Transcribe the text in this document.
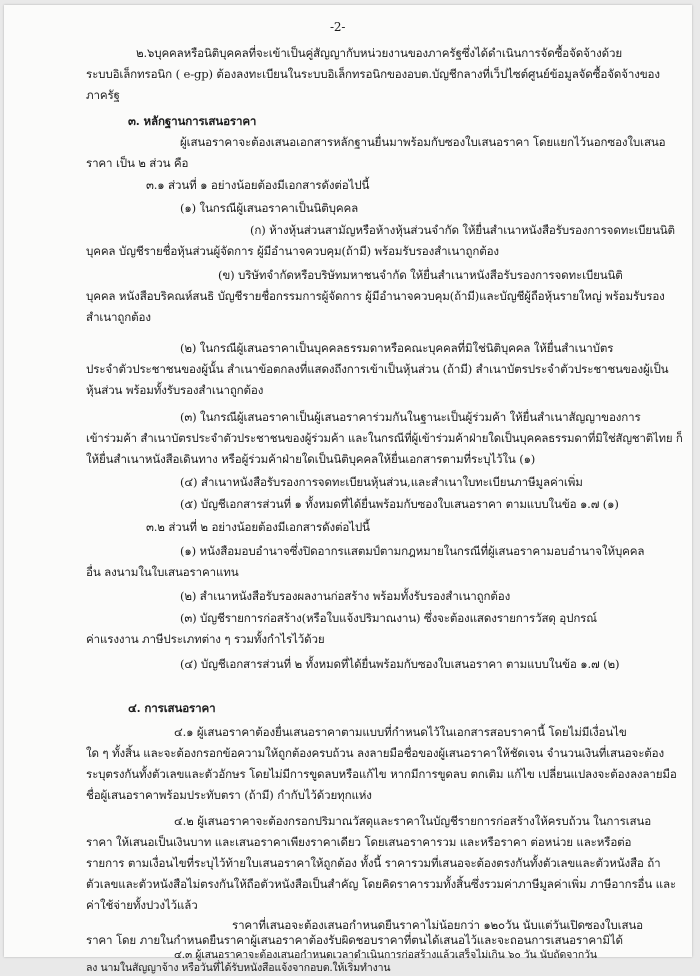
-2-
๒.๖บุคคลหรือนิติบุคคลที่จะเข้าเป็นคู่สัญญากับหน่วยงานของภาครัฐซึ่งได้ดำเนินการจัดซื้อจัดจ้างด้วย
ระบบอิเล็กทรอนิก ( e-gp) ต้องลงทะเบียนในระบบอิเล็กทรอนิกของอบต.บัญชีกลางที่เว็ปไซต์ศูนย์ข้อมูลจัดซื้อจัดจ้างของ
ภาครัฐ
๓. หลักฐานการเสนอราคา
ผู้เสนอราคาจะต้องเสนอเอกสารหลักฐานยื่นมาพร้อมกับซองใบเสนอราคา โดยแยกไว้นอกซองใบเสนอ
ราคา เป็น ๒ ส่วน คือ
๓.๑ ส่วนที่ ๑ อย่างน้อยต้องมีเอกสารดังต่อไปนี้
(๑) ในกรณีผู้เสนอราคาเป็นนิติบุคคล
(ก) ห้างหุ้นส่วนสามัญหรือห้างหุ้นส่วนจำกัด ให้ยื่นสำเนาหนังสือรับรองการจดทะเบียนนิติ
บุคคล บัญชีรายชื่อหุ้นส่วนผู้จัดการ ผู้มีอำนาจควบคุม(ถ้ามี) พร้อมรับรองสำเนาถูกต้อง
(ข) บริษัทจำกัดหรือบริษัทมหาชนจำกัด ให้ยื่นสำเนาหนังสือรับรองการจดทะเบียนนิติ
บุคคล หนังสือบริคณห์สนธิ บัญชีรายชื่อกรรมการผู้จัดการ ผู้มีอำนาจควบคุม(ถ้ามี)และบัญชีผู้ถือหุ้นรายใหญ่ พร้อมรับรอง
สำเนาถูกต้อง
(๒) ในกรณีผู้เสนอราคาเป็นบุคคลธรรมดาหรือคณะบุคคลที่มิใช่นิติบุคคล ให้ยื่นสำเนาบัตร
ประจำตัวประชาชนของผู้นั้น สำเนาข้อตกลงที่แสดงถึงการเข้าเป็นหุ้นส่วน (ถ้ามี) สำเนาบัตรประจำตัวประชาชนของผู้เป็น
หุ้นส่วน พร้อมทั้งรับรองสำเนาถูกต้อง
(๓) ในกรณีผู้เสนอราคาเป็นผู้เสนอราคาร่วมกันในฐานะเป็นผู้ร่วมค้า ให้ยื่นสำเนาสัญญาของการ
เข้าร่วมค้า สำเนาบัตรประจำตัวประชาชนของผู้ร่วมค้า และในกรณีที่ผู้เข้าร่วมค้าฝ่ายใดเป็นบุคคลธรรมดาที่มิใช่สัญชาติไทย ก็
ให้ยื่นสำเนาหนังสือเดินทาง หรือผู้ร่วมค้าฝ่ายใดเป็นนิติบุคคลให้ยื่นเอกสารตามที่ระบุไว้ใน (๑)
(๔) สำเนาหนังสือรับรองการจดทะเบียนหุ้นส่วน,และสำเนาใบทะเบียนภาษีมูลค่าเพิ่ม
(๕) บัญชีเอกสารส่วนที่ ๑ ทั้งหมดที่ได้ยื่นพร้อมกับซองใบเสนอราคา ตามแบบในข้อ ๑.๗ (๑)
๓.๒ ส่วนที่ ๒ อย่างน้อยต้องมีเอกสารดังต่อไปนี้
(๑) หนังสือมอบอำนาจซึ่งปิดอากรแสตมป์ตามกฎหมายในกรณีที่ผู้เสนอราคามอบอำนาจให้บุคคล
อื่น ลงนามในใบเสนอราคาแทน
(๒) สำเนาหนังสือรับรองผลงานก่อสร้าง พร้อมทั้งรับรองสำเนาถูกต้อง
(๓) บัญชีรายการก่อสร้าง(หรือใบแจ้งปริมาณงาน) ซึ่งจะต้องแสดงรายการวัสดุ อุปกรณ์
ค่าแรงงาน ภาษีประเภทต่าง ๆ รวมทั้งกำไรไว้ด้วย
(๔) บัญชีเอกสารส่วนที่ ๒ ทั้งหมดที่ได้ยื่นพร้อมกับซองใบเสนอราคา ตามแบบในข้อ ๑.๗ (๒)
๔. การเสนอราคา
๔.๑ ผู้เสนอราคาต้องยื่นเสนอราคาตามแบบที่กำหนดไว้ในเอกสารสอบราคานี้ โดยไม่มีเงื่อนไข
ใด ๆ ทั้งสิ้น และจะต้องกรอกข้อความให้ถูกต้องครบถ้วน ลงลายมือชื่อของผู้เสนอราคาให้ชัดเจน จำนวนเงินที่เสนอจะต้อง
ระบุตรงกันทั้งตัวเลขและตัวอักษร โดยไม่มีการขูดลบหรือแก้ไข หากมีการขูดลบ ตกเติม แก้ไข เปลี่ยนแปลงจะต้องลงลายมือ
ชื่อผู้เสนอราคาพร้อมประทับตรา (ถ้ามี) กำกับไว้ด้วยทุกแห่ง
๔.๒ ผู้เสนอราคาจะต้องกรอกปริมาณวัสดุและราคาในบัญชีรายการก่อสร้างให้ครบถ้วน ในการเสนอ
ราคา ให้เสนอเป็นเงินบาท และเสนอราคาเพียงราคาเดียว โดยเสนอราคารวม และหรือราคา ต่อหน่วย และหรือต่อ
รายการ ตามเงื่อนไขที่ระบุไว้ท้ายใบเสนอราคาให้ถูกต้อง ทั้งนี้ ราคารวมที่เสนอจะต้องตรงกันทั้งตัวเลขและตัวหนังสือ ถ้า
ตัวเลขและตัวหนังสือไม่ตรงกันให้ถือตัวหนังสือเป็นสำคัญ โดยคิดราคารวมทั้งสิ้นซึ่งรวมค่าภาษีมูลค่าเพิ่ม ภาษีอากรอื่น และ
ค่าใช้จ่ายทั้งปวงไว้แล้ว
ราคาที่เสนอจะต้องเสนอกำหนดยืนราคาไม่น้อยกว่า ๑๒๐วัน นับแต่วันเปิดซองใบเสนอ
ราคา โดย ภายในกำหนดยืนราคาผู้เสนอราคาต้องรับผิดชอบราคาที่ตนได้เสนอไว้และจะถอนการเสนอราคามิได้
๔.๓ ผู้เสนอราคาจะต้องเสนอกำหนดเวลาดำเนินการก่อสร้างแล้วเสร็จไม่เกิน ๖๐ วัน นับถัดจากวัน
ลง นามในสัญญาจ้าง หรือวันที่ได้รับหนังสือแจ้งจากอบต.ให้เริ่มทำงาน
